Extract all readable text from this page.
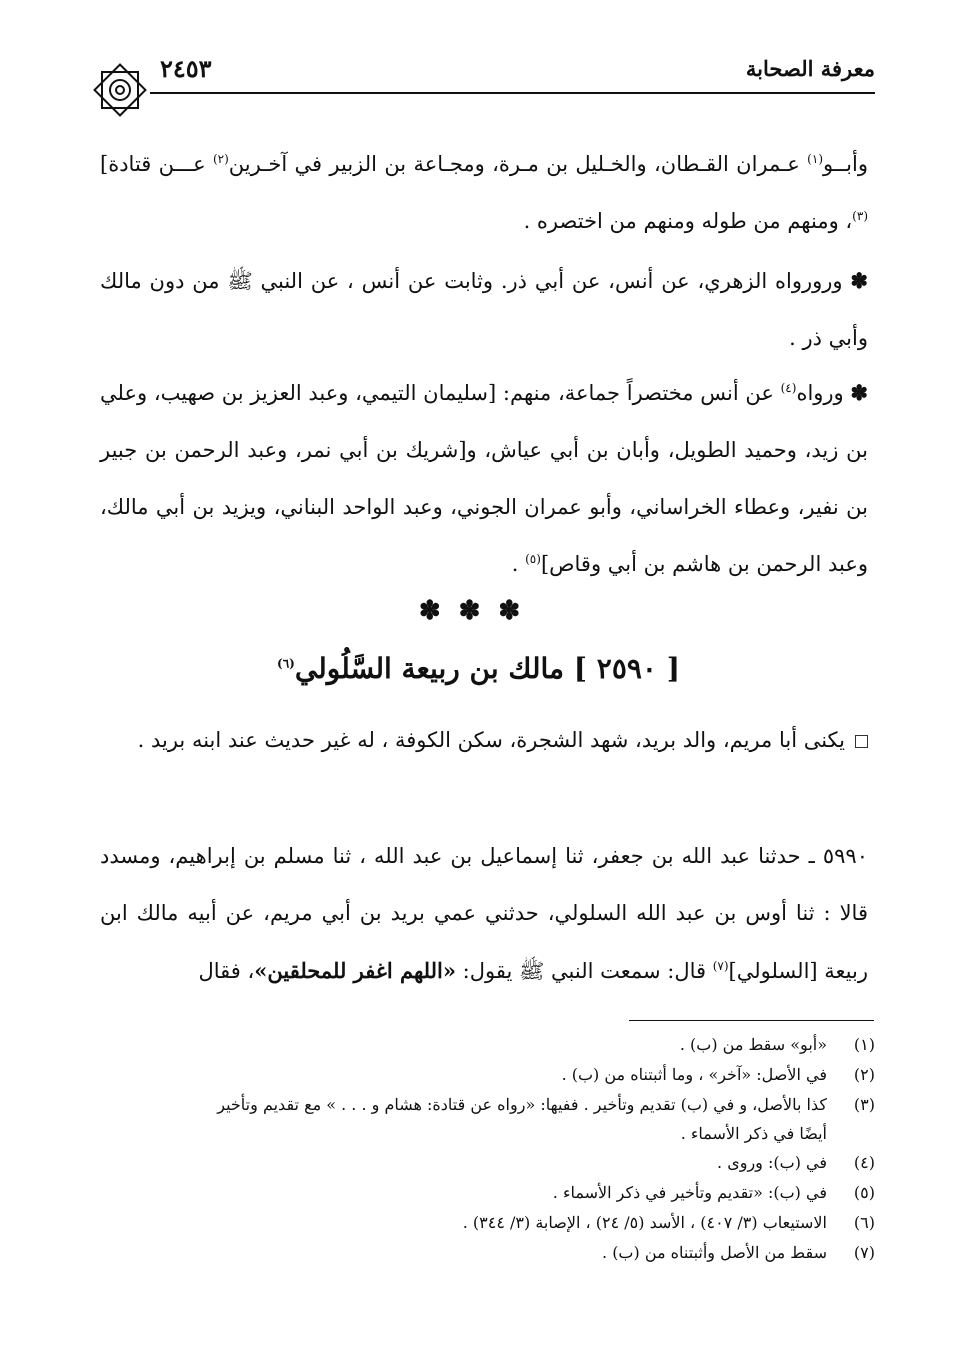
٢٤٥٣	معرفة الصحابة
وأبــو$^{(١)}$ عـمران القـطان، والخـليل بن مـرة، ومجـاعة بن الزبير في آخـرين$^{(٢)}$ عـــن قتادة]$^{(٣)}$، ومنهم من طوله ومنهم من اختصره .
✽ ورورواه الزهري، عن أنس، عن أبي ذر. وثابت عن أنس ، عن النبي ﷺ من دون مالك وأبي ذر .
✽ ورواه$^{(٤)}$ عن أنس مختصراً جماعة، منهم: [سليمان التيمي، وعبد العزيز بن صهيب، وعلي بن زيد، وحميد الطويل، وأبان بن أبي عياش، و[شريك بن أبي نمر، وعبد الرحمن بن جبير بن نفير، وعطاء الخراساني، وأبو عمران الجوني، وعبد الواحد البناني، ويزيد بن أبي مالك، وعبد الرحمن بن هاشم بن أبي وقاص]$^{(٥)}$ .
✽✽✽
[ ٢٥٩٠ ] مالك بن ربيعة السَّلُولي$^{(٦)}$
يكنى أبا مريم، والد بريد، شهد الشجرة، سكن الكوفة ، له غير حديث عند ابنه بريد .
٥٩٩٠ ـ حدثنا عبد الله بن جعفر، ثنا إسماعيل بن عبد الله ، ثنا مسلم بن إبراهيم، ومسدد قالا : ثنا أوس بن عبد الله السلولي، حدثني عمي بريد بن أبي مريم، عن أبيه مالك ابن ربيعة [السلولي]$^{(٧)}$ قال: سمعت النبي ﷺ يقول: «اللهم اغفر للمحلقين»، فقال
(١)
«أبو» سقط من (ب) .
(٢)
في الأصل: «آخر» ، وما أثبتناه من (ب) .
(٣)
كذا بالأصل، و في (ب) تقديم وتأخير . ففيها: «رواه عن قتادة: هشام و . . . » مع تقديم وتأخير
أيضًا في ذكر الأسماء .
(٤)
في (ب): وروى .
(٥)
في (ب): «تقديم وتأخير في ذكر الأسماء .
(٦)
الاستيعاب (٣/ ٤٠٧) ، الأسد (٥/ ٢٤) ، الإصابة (٣/ ٣٤٤) .
(٧)
سقط من الأصل وأثبتناه من (ب) .
